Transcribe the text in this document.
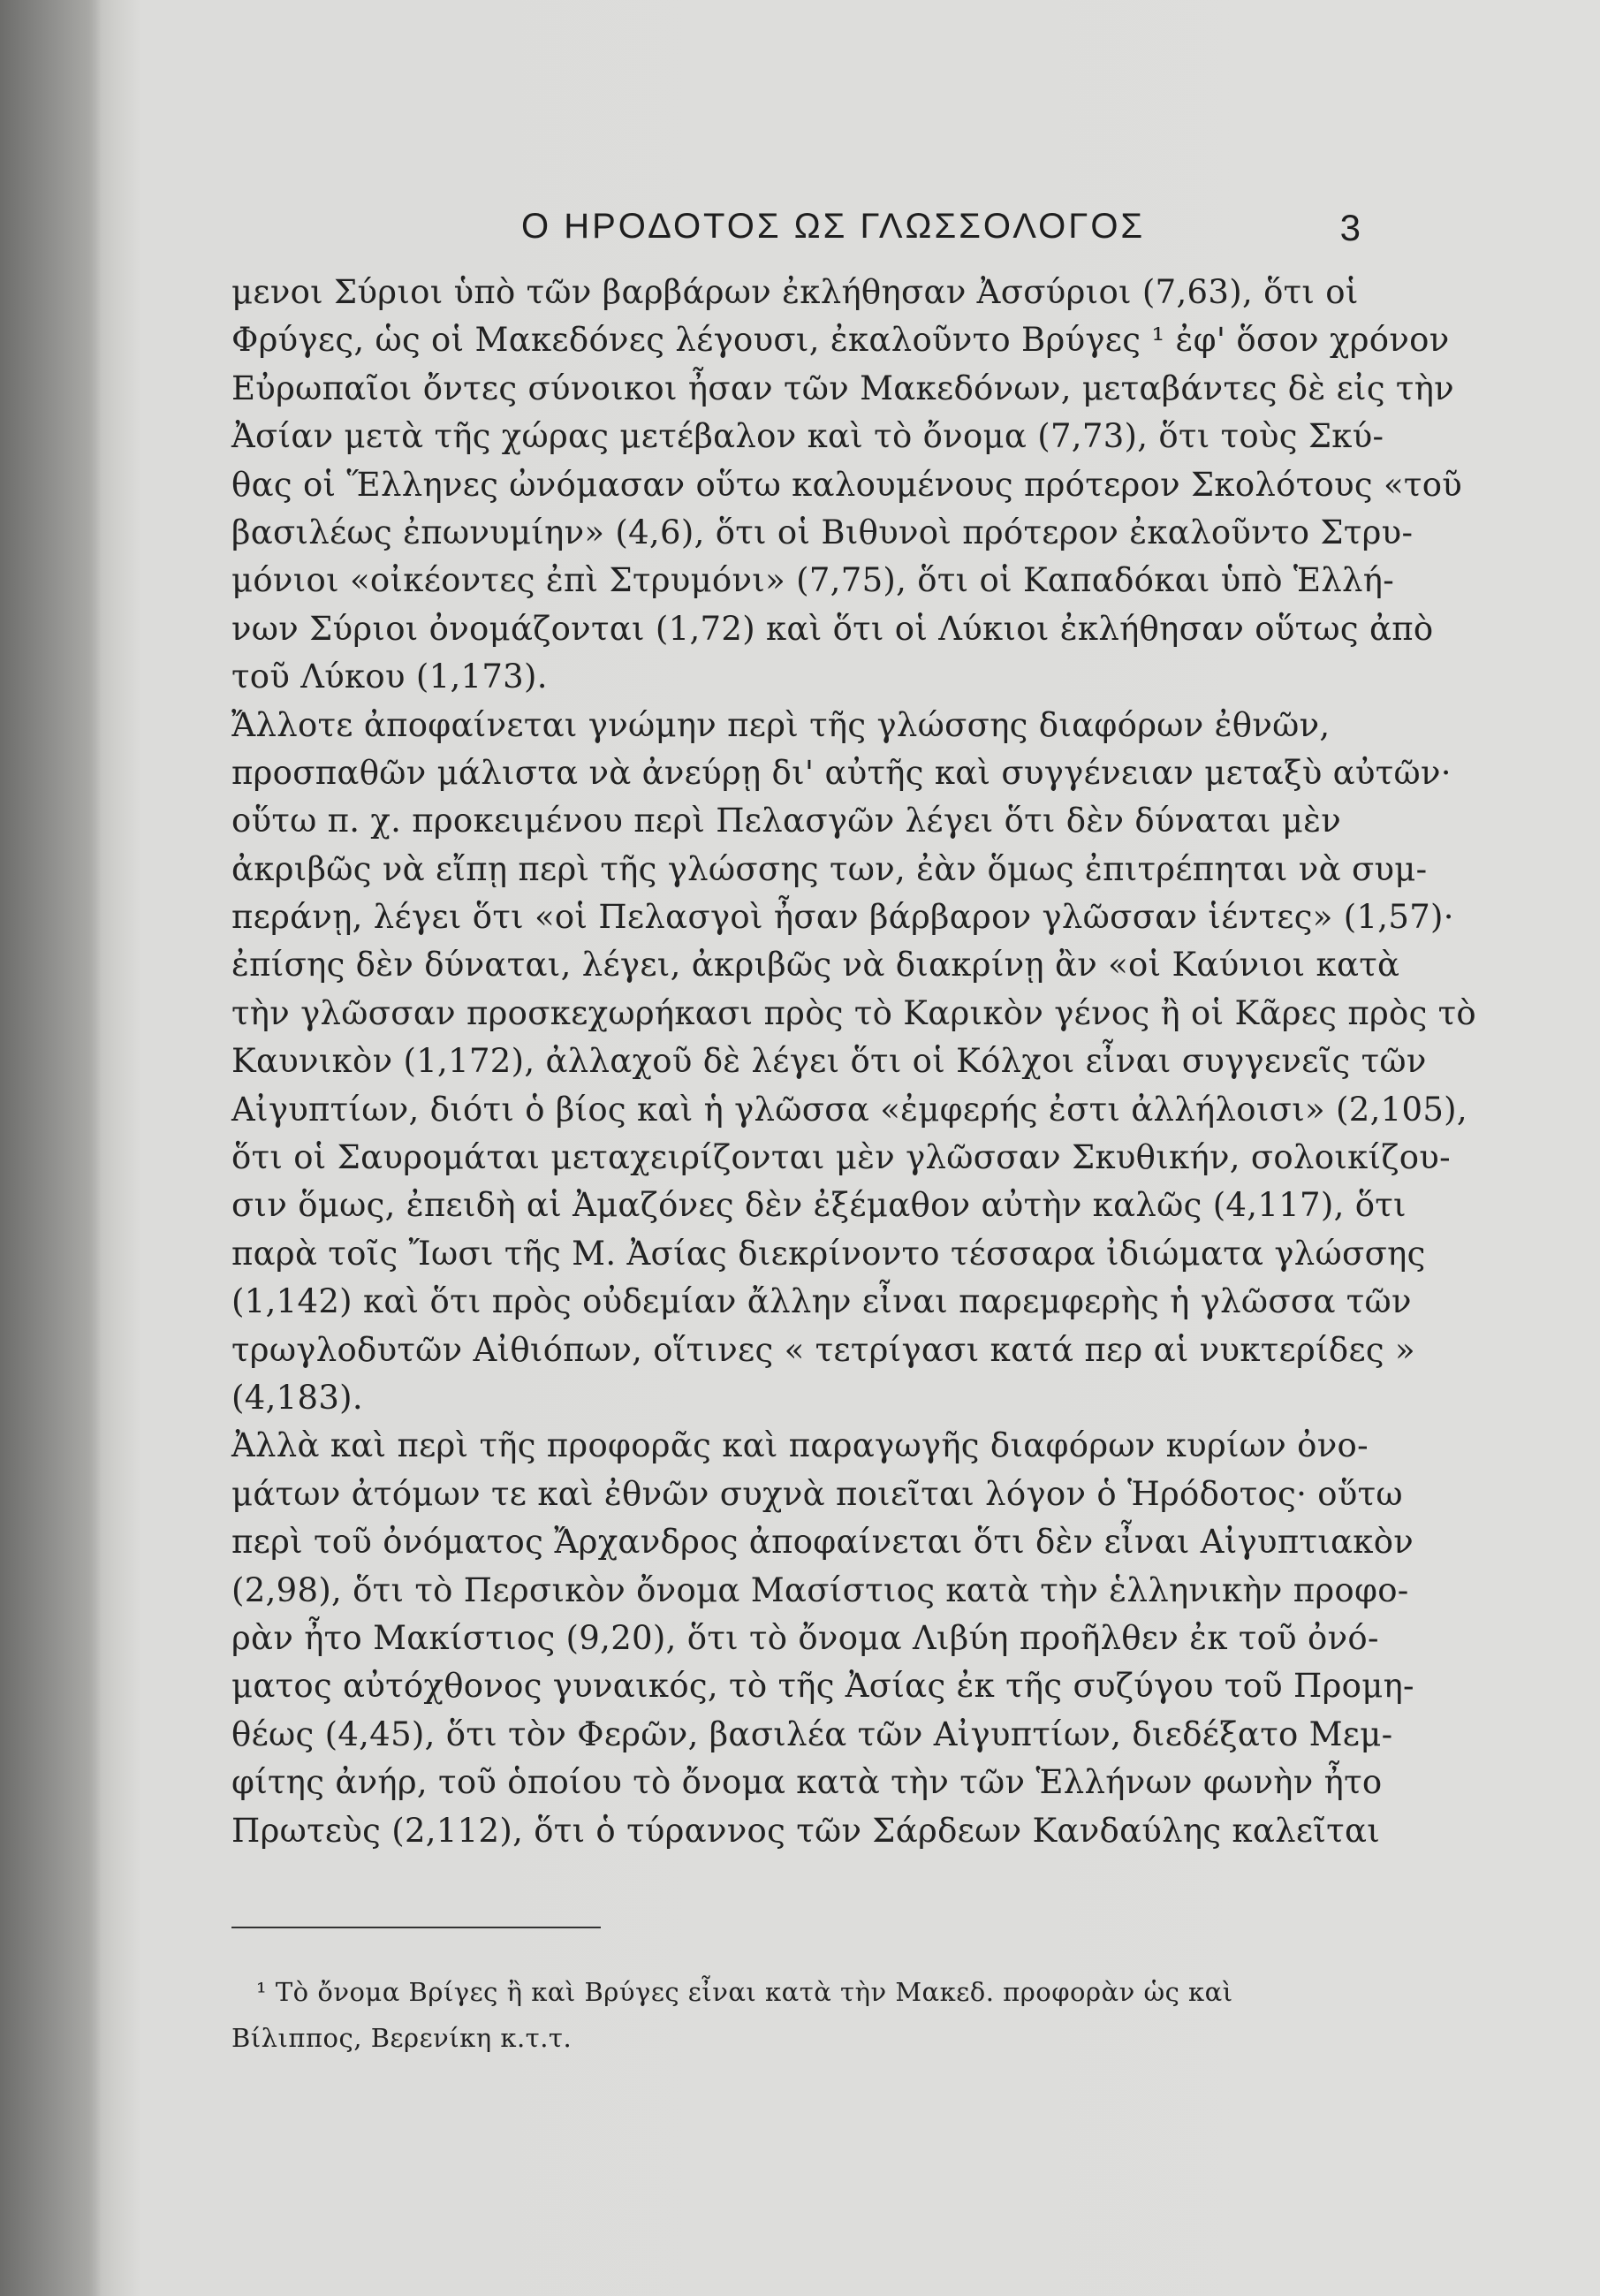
Ο ΗΡΟΔΟΤΟΣ ΩΣ ΓΛΩΣΣΟΛΟΓΟΣ	3
μενοι Σύριοι ὑπὸ τῶν βαρβάρων ἐκλήθησαν Ἀσσύριοι (7,63), ὅτι οἱ
Φρύγες, ὡς οἱ Μακεδόνες λέγουσι, ἐκαλοῦντο Βρύγες ¹ ἐφ' ὅσον χρόνον
Εὐρωπαῖοι ὄντες σύνοικοι ἦσαν τῶν Μακεδόνων, μεταβάντες δὲ εἰς τὴν
Ἀσίαν μετὰ τῆς χώρας μετέβαλον καὶ τὸ ὄνομα (7,73), ὅτι τοὺς Σκύ-
θας οἱ Ἕλληνες ὠνόμασαν οὕτω καλουμένους πρότερον Σκολότους «τοῦ
βασιλέως ἐπωνυμίην» (4,6), ὅτι οἱ Βιθυνοὶ πρότερον ἐκαλοῦντο Στρυ-
μόνιοι «οἰκέοντες ἐπὶ Στρυμόνι» (7,75), ὅτι οἱ Καπαδόκαι ὑπὸ Ἑλλή-
νων Σύριοι ὀνομάζονται (1,72) καὶ ὅτι οἱ Λύκιοι ἐκλήθησαν οὕτως ἀπὸ
τοῦ Λύκου (1,173).
Ἄλλοτε ἀποφαίνεται γνώμην περὶ τῆς γλώσσης διαφόρων ἐθνῶν,
προσπαθῶν μάλιστα νὰ ἀνεύρῃ δι' αὐτῆς καὶ συγγένειαν μεταξὺ αὐτῶν·
οὕτω π. χ. προκειμένου περὶ Πελασγῶν λέγει ὅτι δὲν δύναται μὲν
ἀκριβῶς νὰ εἴπῃ περὶ τῆς γλώσσης των, ἐὰν ὅμως ἐπιτρέπηται νὰ συμ-
περάνῃ, λέγει ὅτι «οἱ Πελασγοὶ ἦσαν βάρβαρον γλῶσσαν ἱέντες» (1,57)·
ἐπίσης δὲν δύναται, λέγει, ἀκριβῶς νὰ διακρίνῃ ἂν «οἱ Καύνιοι κατὰ
τὴν γλῶσσαν προσκεχωρήκασι πρὸς τὸ Καρικὸν γένος ἢ οἱ Κᾶρες πρὸς τὸ
Καυνικὸν (1,172), ἀλλαχοῦ δὲ λέγει ὅτι οἱ Κόλχοι εἶναι συγγενεῖς τῶν
Αἰγυπτίων, διότι ὁ βίος καὶ ἡ γλῶσσα «ἐμφερής ἐστι ἀλλήλοισι» (2,105),
ὅτι οἱ Σαυρομάται μεταχειρίζονται μὲν γλῶσσαν Σκυθικήν, σολοικίζου-
σιν ὅμως, ἐπειδὴ αἱ Ἀμαζόνες δὲν ἐξέμαθον αὐτὴν καλῶς (4,117), ὅτι
παρὰ τοῖς Ἴωσι τῆς Μ. Ἀσίας διεκρίνοντο τέσσαρα ἰδιώματα γλώσσης
(1,142) καὶ ὅτι πρὸς οὐδεμίαν ἄλλην εἶναι παρεμφερὴς ἡ γλῶσσα τῶν
τρωγλοδυτῶν Αἰθιόπων, οἵτινες « τετρίγασι κατά περ αἱ νυκτερίδες »
(4,183).
Ἀλλὰ καὶ περὶ τῆς προφορᾶς καὶ παραγωγῆς διαφόρων κυρίων ὀνο-
μάτων ἀτόμων τε καὶ ἐθνῶν συχνὰ ποιεῖται λόγον ὁ Ἡρόδοτος· οὕτω
περὶ τοῦ ὀνόματος Ἄρχανδρος ἀποφαίνεται ὅτι δὲν εἶναι Αἰγυπτιακὸν
(2,98), ὅτι τὸ Περσικὸν ὄνομα Μασίστιος κατὰ τὴν ἑλληνικὴν προφο-
ρὰν ἦτο Μακίστιος (9,20), ὅτι τὸ ὄνομα Λιβύη προῆλθεν ἐκ τοῦ ὀνό-
ματος αὐτόχθονος γυναικός, τὸ τῆς Ἀσίας ἐκ τῆς συζύγου τοῦ Προμη-
θέως (4,45), ὅτι τὸν Φερῶν, βασιλέα τῶν Αἰγυπτίων, διεδέξατο Μεμ-
φίτης ἀνήρ, τοῦ ὁποίου τὸ ὄνομα κατὰ τὴν τῶν Ἑλλήνων φωνὴν ἦτο
Πρωτεὺς (2,112), ὅτι ὁ τύραννος τῶν Σάρδεων Κανδαύλης καλεῖται
¹ Τὸ ὄνομα Βρίγες ἢ καὶ Βρύγες εἶναι κατὰ τὴν Μακεδ. προφορὰν ὡς καὶ
Βίλιππος, Βερενίκη κ.τ.τ.
